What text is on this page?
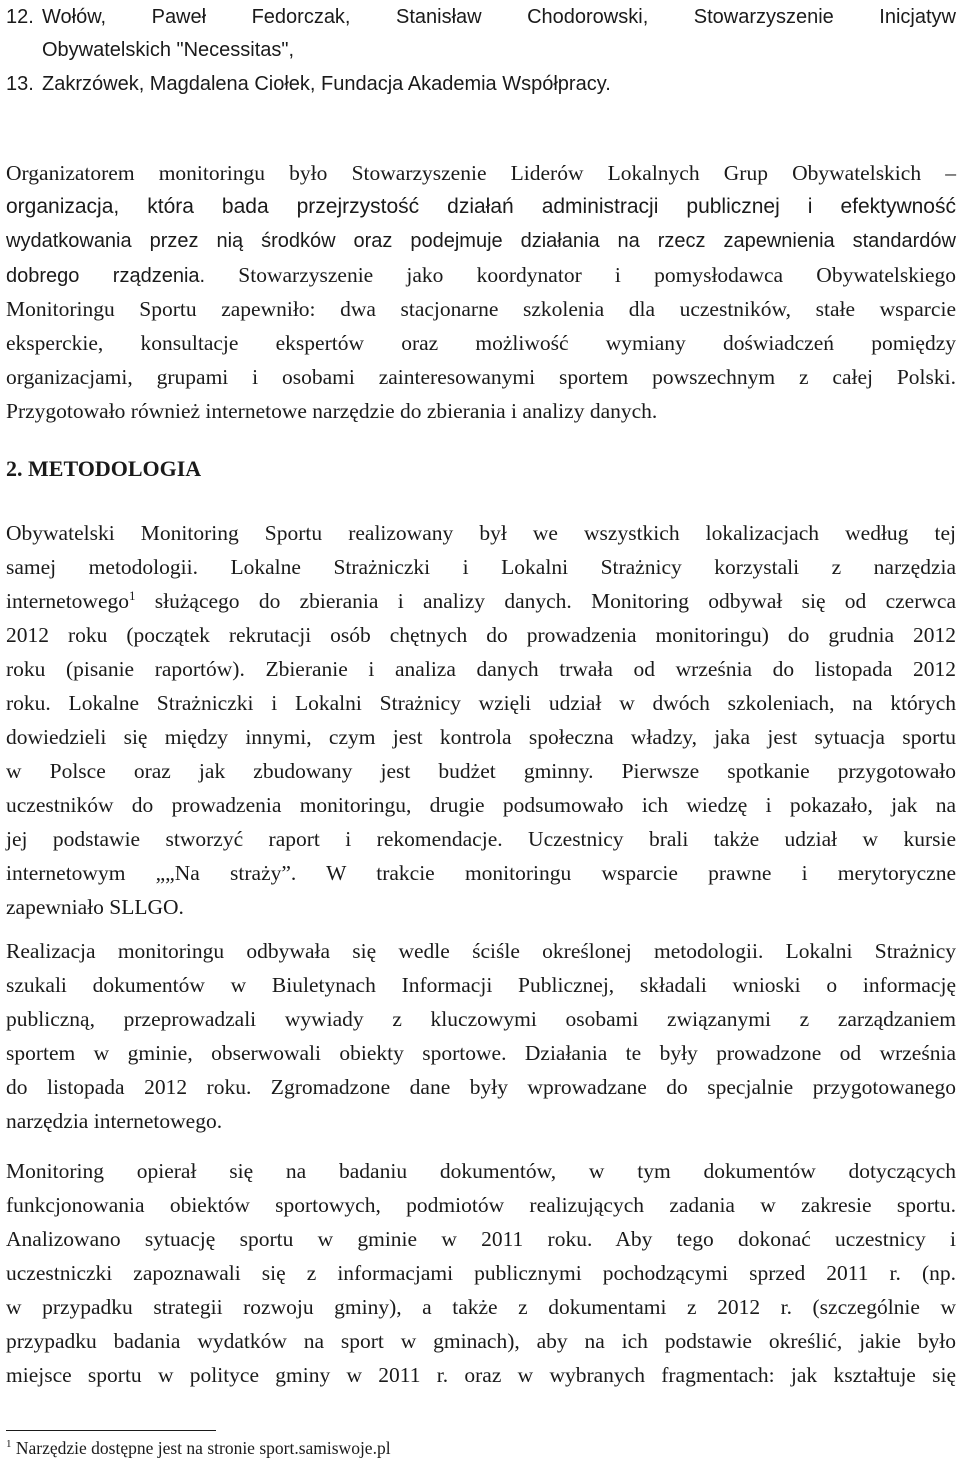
12. Wołów, Paweł Fedorczak, Stanisław Chodorowski, Stowarzyszenie Inicjatyw
Obywatelskich "Necessitas",
13. Zakrzówek, Magdalena Ciołek, Fundacja Akademia Współpracy.
Organizatorem monitoringu było Stowarzyszenie Liderów Lokalnych Grup Obywatelskich –
organizacja, która bada przejrzystość działań administracji publicznej i efektywność
wydatkowania przez nią środków oraz podejmuje działania na rzecz zapewnienia standardów
dobrego rządzenia. Stowarzyszenie jako koordynator i pomysłodawca Obywatelskiego
Monitoringu Sportu zapewniło: dwa stacjonarne szkolenia dla uczestników, stałe wsparcie
eksperckie, konsultacje ekspertów oraz możliwość wymiany doświadczeń pomiędzy
organizacjami, grupami i osobami zainteresowanymi sportem powszechnym z całej Polski.
Przygotowało również internetowe narzędzie do zbierania i analizy danych.
2. METODOLOGIA
Obywatelski Monitoring Sportu realizowany był we wszystkich lokalizacjach według tej
samej metodologii. Lokalne Strażniczki i Lokalni Strażnicy korzystali z narzędzia
internetowego$^1$ służącego do zbierania i analizy danych. Monitoring odbywał się od czerwca
2012 roku (początek rekrutacji osób chętnych do prowadzenia monitoringu) do grudnia 2012
roku (pisanie raportów). Zbieranie i analiza danych trwała od września do listopada 2012
roku. Lokalne Strażniczki i Lokalni Strażnicy wzięli udział w dwóch szkoleniach, na których
dowiedzieli się między innymi, czym jest kontrola społeczna władzy, jaka jest sytuacja sportu
w Polsce oraz jak zbudowany jest budżet gminny. Pierwsze spotkanie przygotowało
uczestników do prowadzenia monitoringu, drugie podsumowało ich wiedzę i pokazało, jak na
jej podstawie stworzyć raport i rekomendacje. Uczestnicy brali także udział w kursie
internetowym „„Na straży”. W trakcie monitoringu wsparcie prawne i merytoryczne
zapewniało SLLGO.
Realizacja monitoringu odbywała się wedle ściśle określonej metodologii. Lokalni Strażnicy
szukali dokumentów w Biuletynach Informacji Publicznej, składali wnioski o informację
publiczną, przeprowadzali wywiady z kluczowymi osobami związanymi z zarządzaniem
sportem w gminie, obserwowali obiekty sportowe. Działania te były prowadzone od września
do listopada 2012 roku. Zgromadzone dane były wprowadzane do specjalnie przygotowanego
narzędzia internetowego.
Monitoring opierał się na badaniu dokumentów, w tym dokumentów dotyczących
funkcjonowania obiektów sportowych, podmiotów realizujących zadania w zakresie sportu.
Analizowano sytuację sportu w gminie w 2011 roku. Aby tego dokonać uczestnicy i
uczestniczki zapoznawali się z informacjami publicznymi pochodzącymi sprzed 2011 r. (np.
w przypadku strategii rozwoju gminy), a także z dokumentami z 2012 r. (szczególnie w
przypadku badania wydatków na sport w gminach), aby na ich podstawie określić, jakie było
miejsce sportu w polityce gminy w 2011 r. oraz w wybranych fragmentach: jak kształtuje się
$^1$ Narzędzie dostępne jest na stronie sport.samiswoje.pl
